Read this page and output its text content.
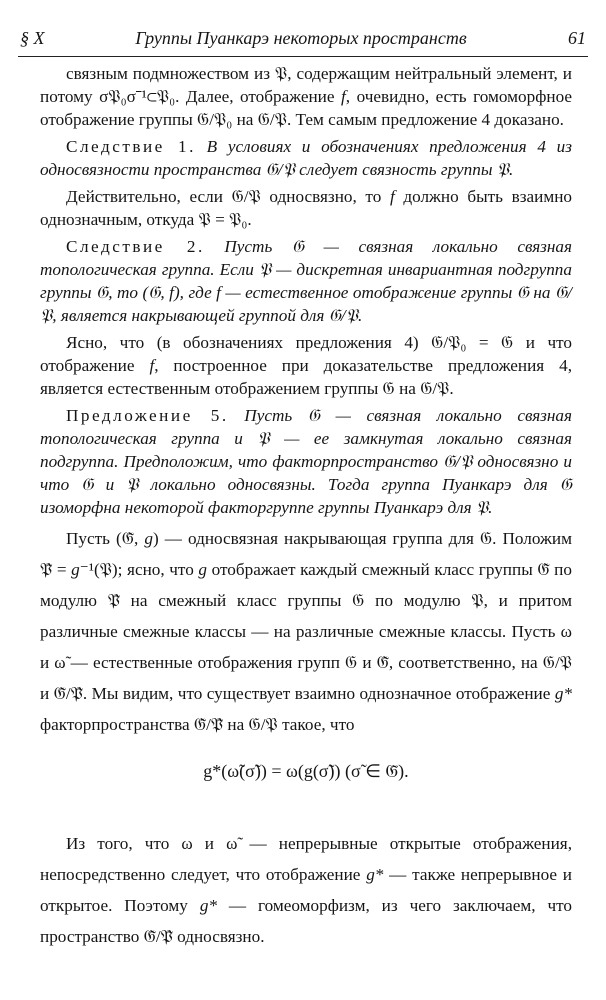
§ X	Группы Пуанкарэ некоторых пространств	61

связным подмножеством из 𝔓, содержащим нейтральный элемент, и потому σ𝔓₀σ⁻¹⊂𝔓₀. Далее, отображение f, очевидно, есть гомоморфное отображение группы 𝔊/𝔓₀ на 𝔊/𝔓. Тем самым предложение 4 доказано.

Следствие 1. В условиях и обозначениях предложения 4 из односвязности пространства 𝔊/𝔓 следует связность группы 𝔓.

Действительно, если 𝔊/𝔓 односвязно, то f должно быть взаимно однозначным, откуда 𝔓 = 𝔓₀.

Следствие 2. Пусть 𝔊 — связная локально связная топологическая группа. Если 𝔓 — дискретная инвариантная подгруппа группы 𝔊, то (𝔊, f), где f — естественное отображение группы 𝔊 на 𝔊/𝔓, является накрывающей группой для 𝔊/𝔓.

Ясно, что (в обозначениях предложения 4) 𝔊/𝔓₀ = 𝔊 и что отображение f, построенное при доказательстве предложения 4, является естественным отображением группы 𝔊 на 𝔊/𝔓.

Предложение 5. Пусть 𝔊 — связная локально связная топологическая группа и 𝔓 — ее замкнутая локально связная подгруппа. Предположим, что факторпространство 𝔊/𝔓 односвязно и что 𝔊 и 𝔓 локально односвязны. Тогда группа Пуанкарэ для 𝔊 изоморфна некоторой факторгруппе группы Пуанкарэ для 𝔓.

Пусть (𝔊̃, g) — односвязная накрывающая группа для 𝔊. Положим 𝔓̃ = g⁻¹(𝔓); ясно, что g отображает каждый смежный класс группы 𝔊̃ по модулю 𝔓̃ на смежный класс группы 𝔊 по модулю 𝔓, и притом различные смежные классы — на различные смежные классы. Пусть ω и ω̃ — естественные отображения групп 𝔊 и 𝔊̃, соответственно, на 𝔊/𝔓 и 𝔊̃/𝔓̃. Мы видим, что существует взаимно однозначное отображение g* факторпространства 𝔊̃/𝔓̃ на 𝔊/𝔓 такое, что

g*(ω̃(σ̃)) = ω(g(σ̃)) (σ̃ ∈ 𝔊̃).

Из того, что ω и ω̃ — непрерывные открытые отображения, непосредственно следует, что отображение g* — также непрерывное и открытое. Поэтому g* — гомеоморфизм, из чего заключаем, что пространство 𝔊̃/𝔓̃ односвязно.
